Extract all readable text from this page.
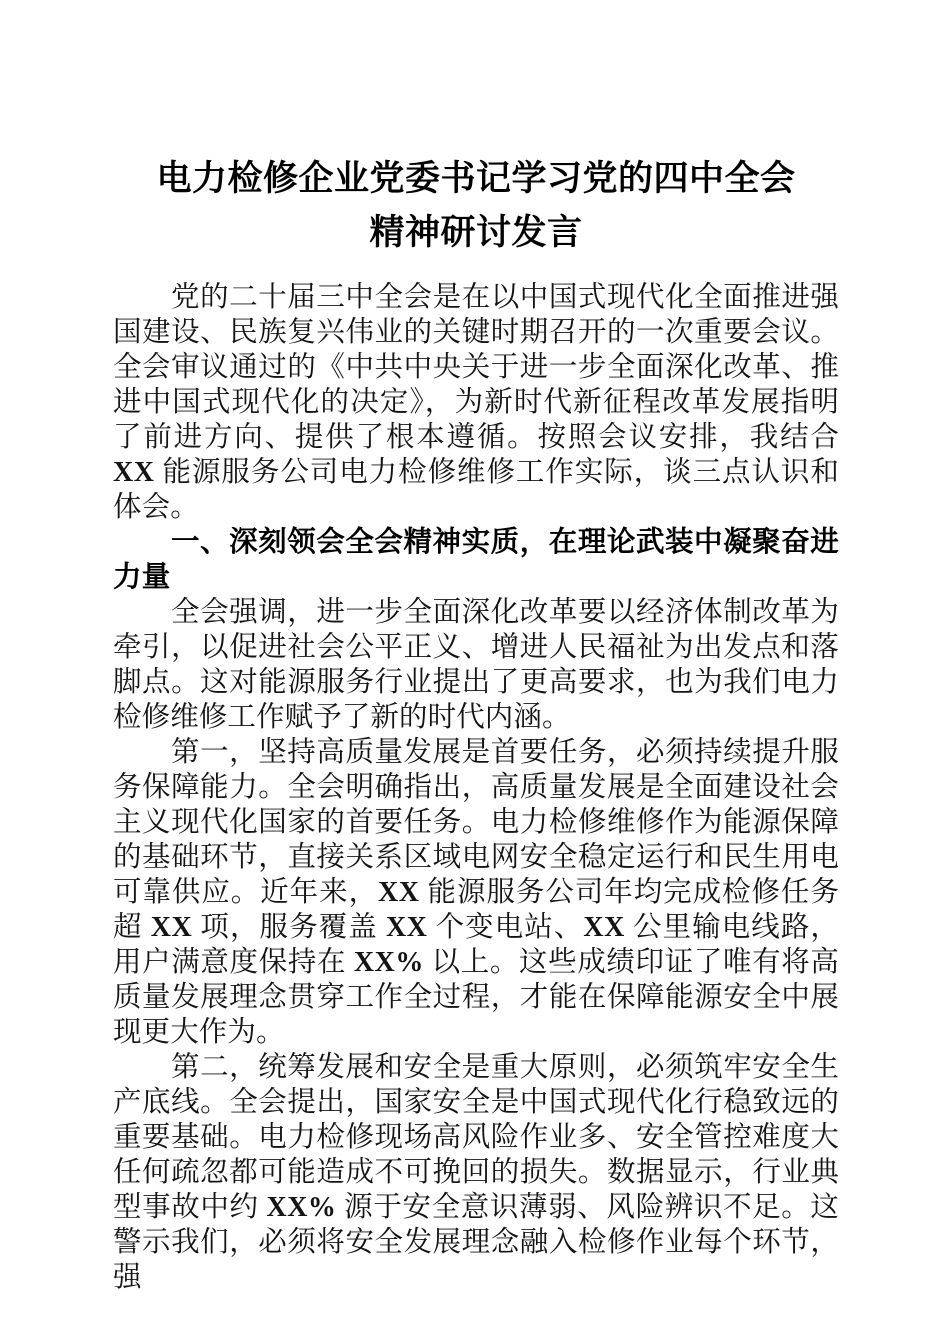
电力检修企业党委书记学习党的四中全会
精神研讨发言

党的二十届三中全会是在以中国式现代化全面推进强国建设、民族复兴伟业的关键时期召开的一次重要会议。全会审议通过的《中共中央关于进一步全面深化改革、推进中国式现代化的决定》，为新时代新征程改革发展指明了前进方向、提供了根本遵循。按照会议安排，我结合 XX 能源服务公司电力检修维修工作实际，谈三点认识和体会。

一、深刻领会全会精神实质，在理论武装中凝聚奋进力量

全会强调，进一步全面深化改革要以经济体制改革为牵引，以促进社会公平正义、增进人民福祉为出发点和落脚点。这对能源服务行业提出了更高要求，也为我们电力检修维修工作赋予了新的时代内涵。

第一，坚持高质量发展是首要任务，必须持续提升服务保障能力。全会明确指出，高质量发展是全面建设社会主义现代化国家的首要任务。电力检修维修作为能源保障的基础环节，直接关系区域电网安全稳定运行和民生用电可靠供应。近年来，XX 能源服务公司年均完成检修任务超 XX 项，服务覆盖 XX 个变电站、XX 公里输电线路，用户满意度保持在 XX% 以上。这些成绩印证了唯有将高质量发展理念贯穿工作全过程，才能在保障能源安全中展现更大作为。

第二，统筹发展和安全是重大原则，必须筑牢安全生产底线。全会提出，国家安全是中国式现代化行稳致远的重要基础。电力检修现场高风险作业多、安全管控难度大任何疏忽都可能造成不可挽回的损失。数据显示，行业典型事故中约 XX% 源于安全意识薄弱、风险辨识不足。这警示我们，必须将安全发展理念融入检修作业每个环节，强
